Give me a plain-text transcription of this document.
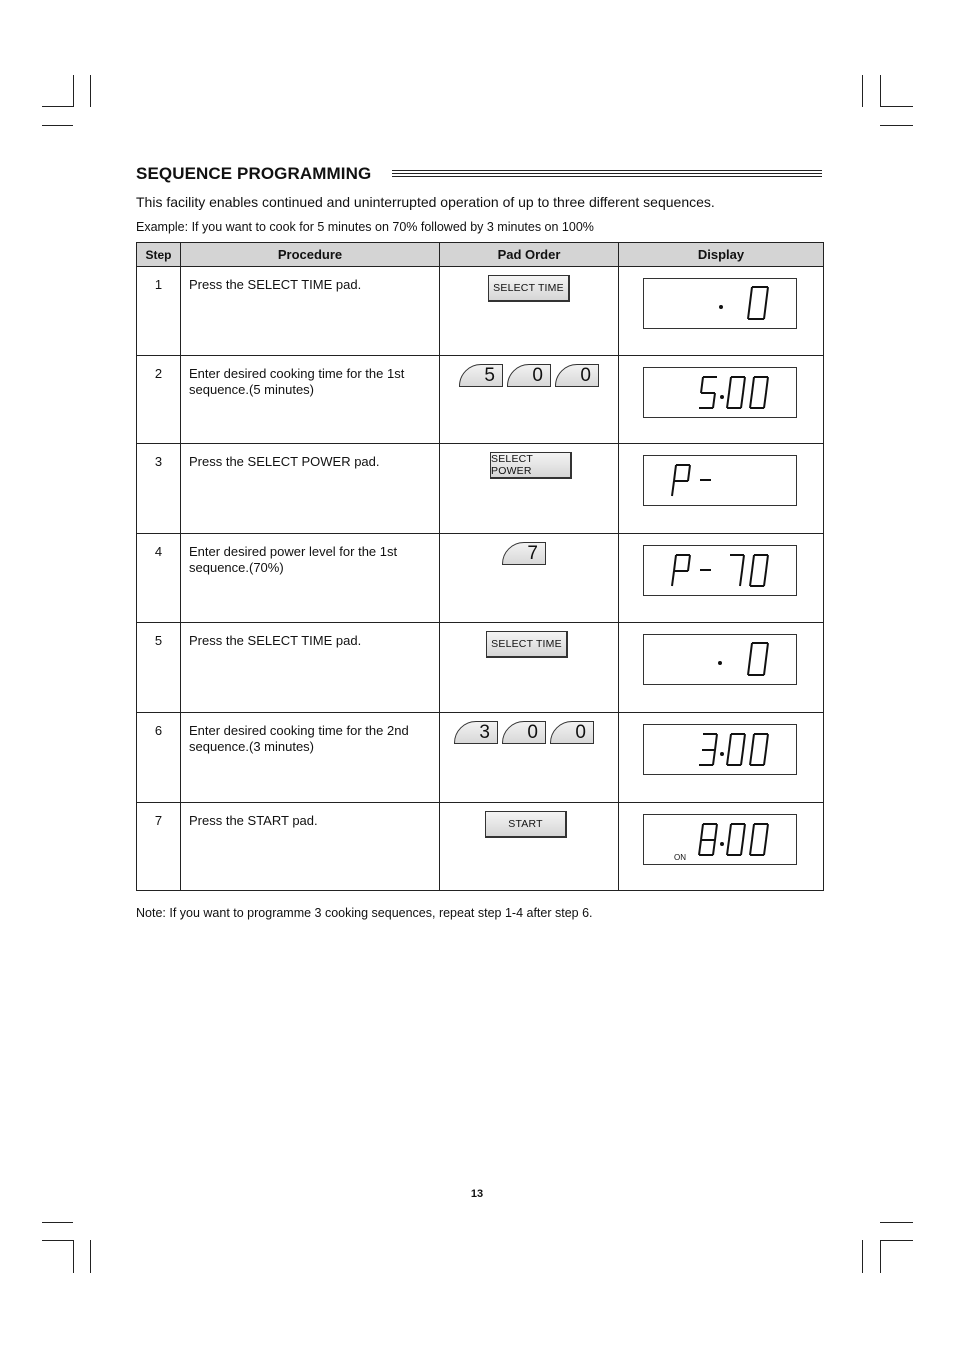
SEQUENCE PROGRAMMING
This facility enables continued and uninterrupted operation of up to three different sequences.
Example: If you want to cook for 5 minutes on 70% followed by 3 minutes on 100%
Step	Procedure	Pad Order	Display
1	Press the SELECT TIME pad.	SELECT TIME

2	Enter desired cooking time for the 1st sequence.(5 minutes)	5 0 0

3	Press the SELECT POWER pad.	SELECT POWER

4	Enter desired power level for the 1st sequence.(70%)	7

5	Press the SELECT TIME pad.	SELECT TIME

6	Enter desired cooking time for the 2nd sequence.(3 minutes)	3 0 0

7	Press the START pad.	START	ON
Note: If you want to programme 3 cooking sequences, repeat step 1-4 after step 6.
13
